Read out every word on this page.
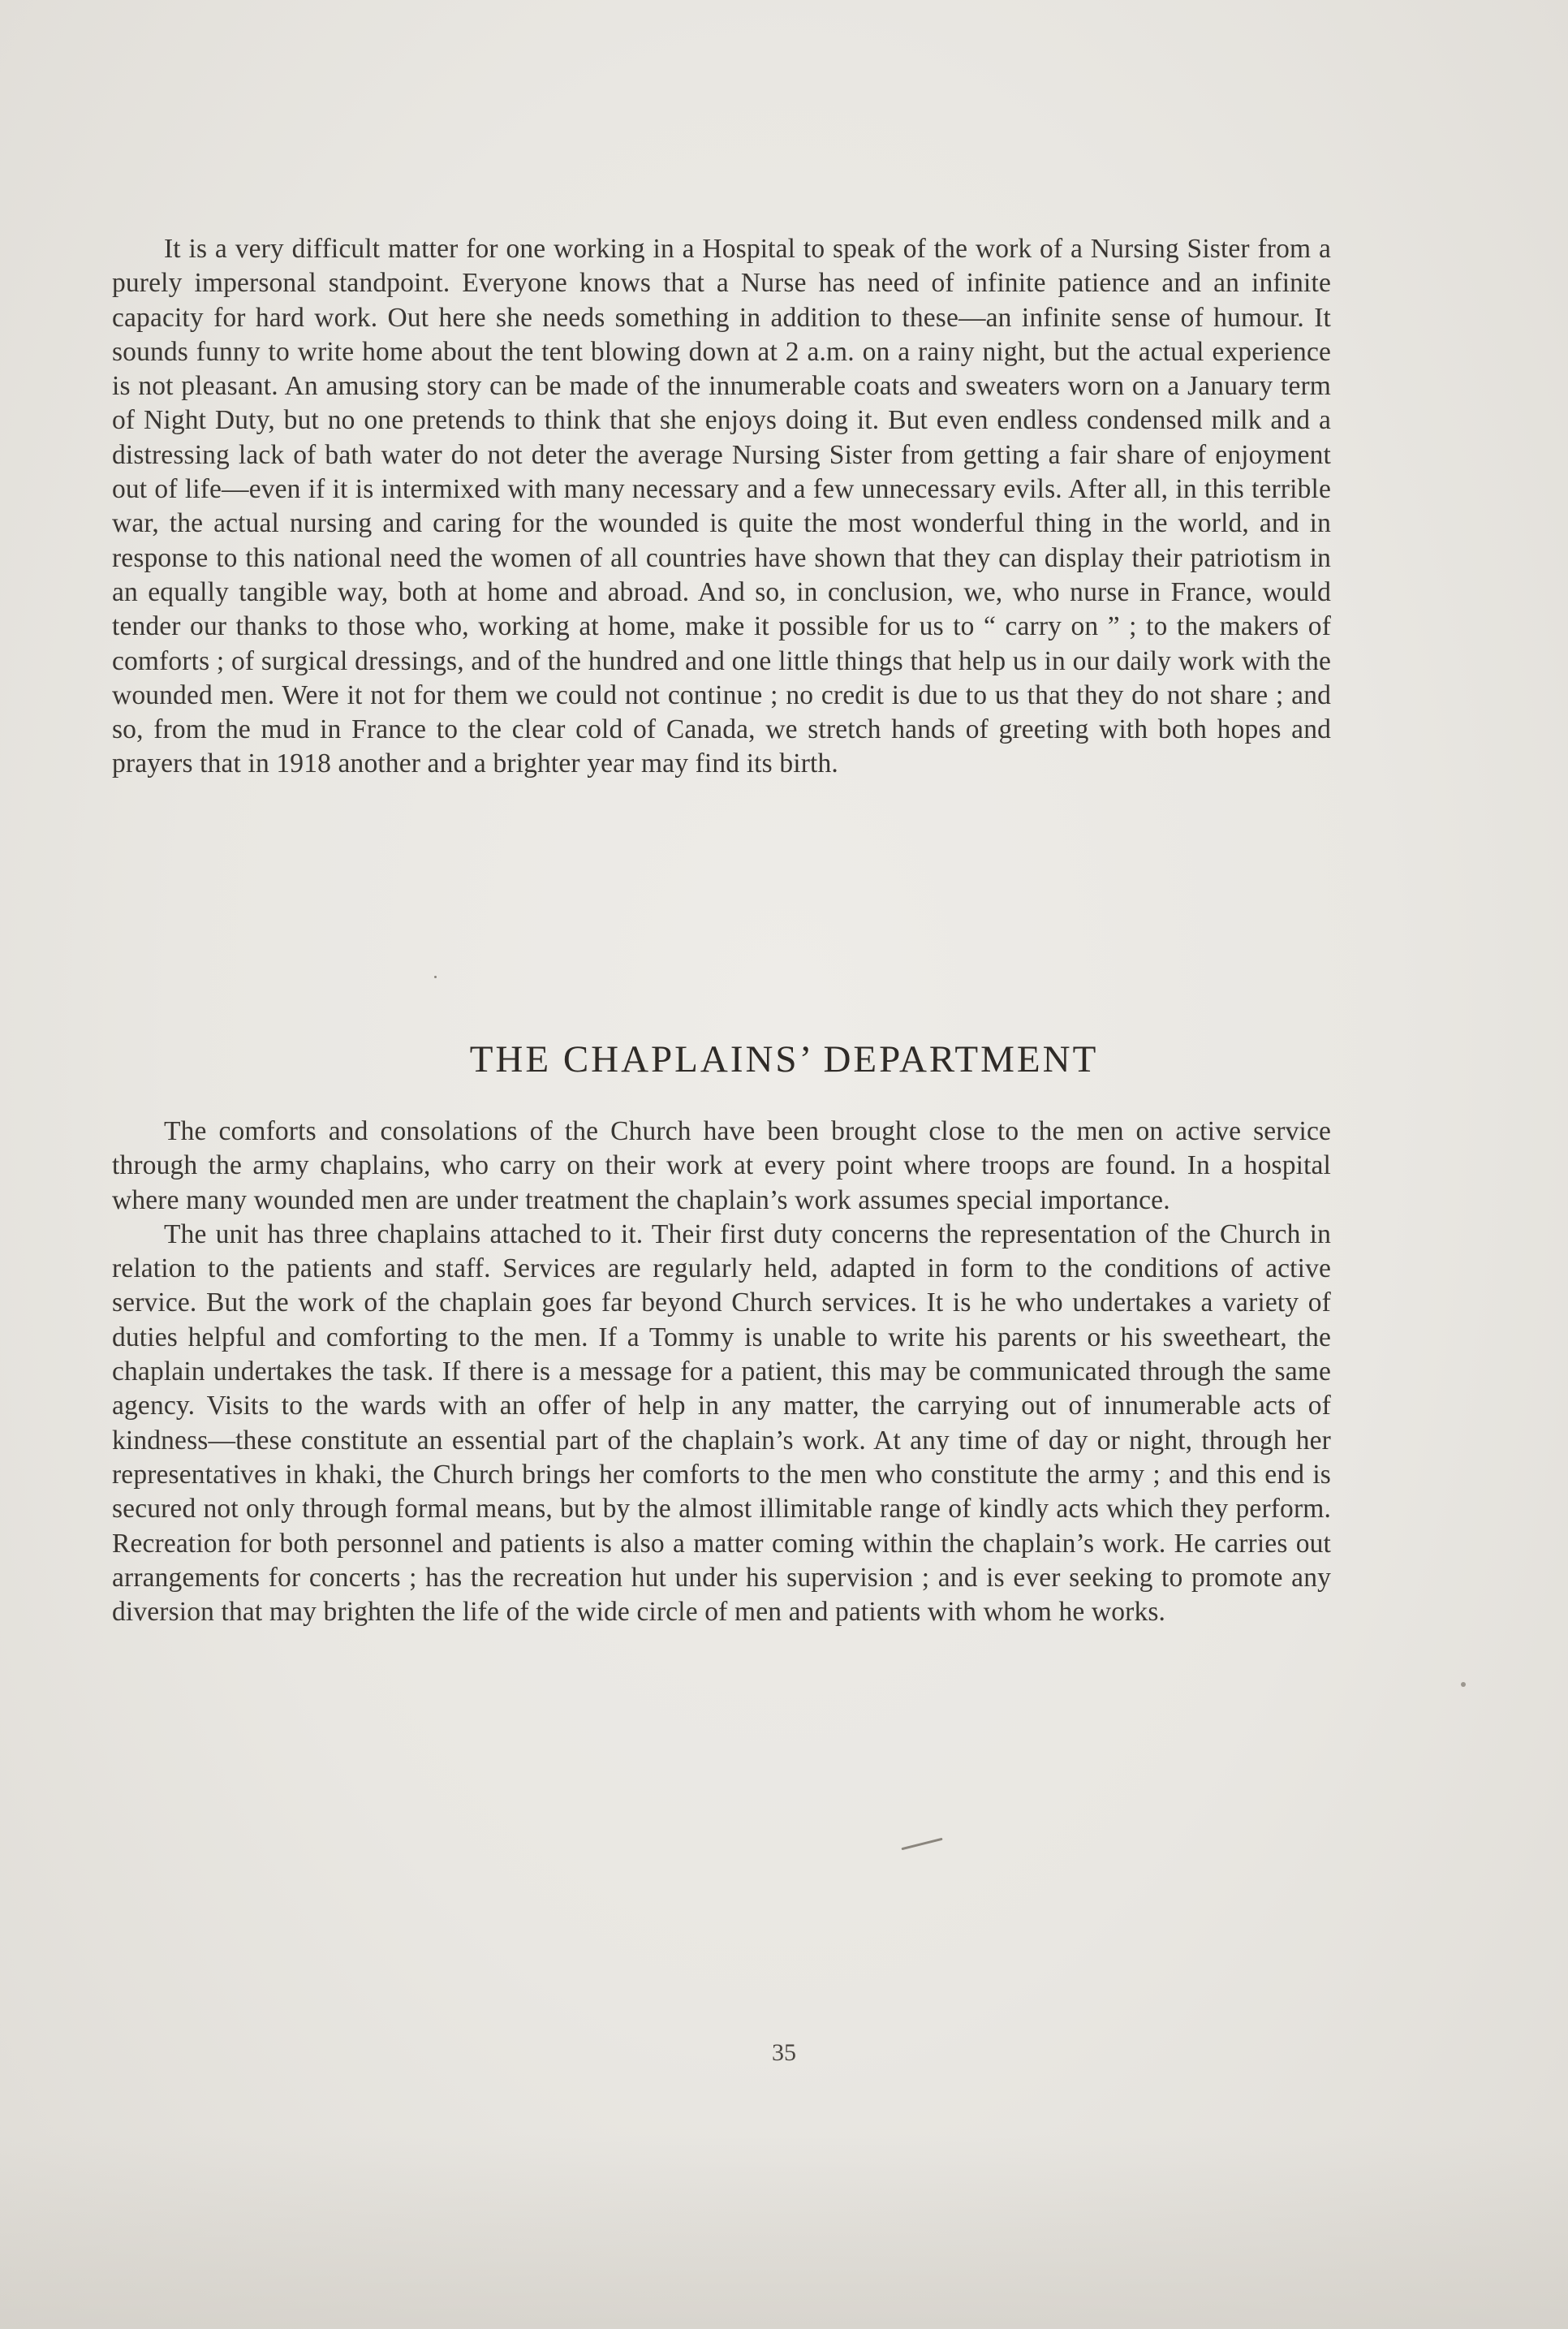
It is a very difficult matter for one working in a Hospital to speak of the work of a Nursing Sister from a purely impersonal standpoint. Everyone knows that a Nurse has need of infinite patience and an infinite capacity for hard work. Out here she needs something in addition to these—an infinite sense of humour. It sounds funny to write home about the tent blowing down at 2 a.m. on a rainy night, but the actual experience is not pleasant. An amusing story can be made of the innumerable coats and sweaters worn on a January term of Night Duty, but no one pretends to think that she enjoys doing it. But even endless condensed milk and a distressing lack of bath water do not deter the average Nursing Sister from getting a fair share of enjoyment out of life—even if it is intermixed with many necessary and a few unnecessary evils. After all, in this terrible war, the actual nursing and caring for the wounded is quite the most wonderful thing in the world, and in response to this national need the women of all countries have shown that they can display their patriotism in an equally tangible way, both at home and abroad. And so, in conclusion, we, who nurse in France, would tender our thanks to those who, working at home, make it possible for us to “ carry on ” ; to the makers of comforts ; of surgical dressings, and of the hundred and one little things that help us in our daily work with the wounded men. Were it not for them we could not continue ; no credit is due to us that they do not share ; and so, from the mud in France to the clear cold of Canada, we stretch hands of greeting with both hopes and prayers that in 1918 another and a brighter year may find its birth.

THE CHAPLAINS’ DEPARTMENT

The comforts and consolations of the Church have been brought close to the men on active service through the army chaplains, who carry on their work at every point where troops are found. In a hospital where many wounded men are under treatment the chaplain’s work assumes special importance.

The unit has three chaplains attached to it. Their first duty concerns the representation of the Church in relation to the patients and staff. Services are regularly held, adapted in form to the conditions of active service. But the work of the chaplain goes far beyond Church services. It is he who undertakes a variety of duties helpful and comforting to the men. If a Tommy is unable to write his parents or his sweetheart, the chaplain undertakes the task. If there is a message for a patient, this may be communicated through the same agency. Visits to the wards with an offer of help in any matter, the carrying out of innumerable acts of kindness—these constitute an essential part of the chaplain’s work. At any time of day or night, through her representatives in khaki, the Church brings her comforts to the men who constitute the army ; and this end is secured not only through formal means, but by the almost illimitable range of kindly acts which they perform. Recreation for both personnel and patients is also a matter coming within the chaplain’s work. He carries out arrangements for concerts ; has the recreation hut under his supervision ; and is ever seeking to promote any diversion that may brighten the life of the wide circle of men and patients with whom he works.

35
